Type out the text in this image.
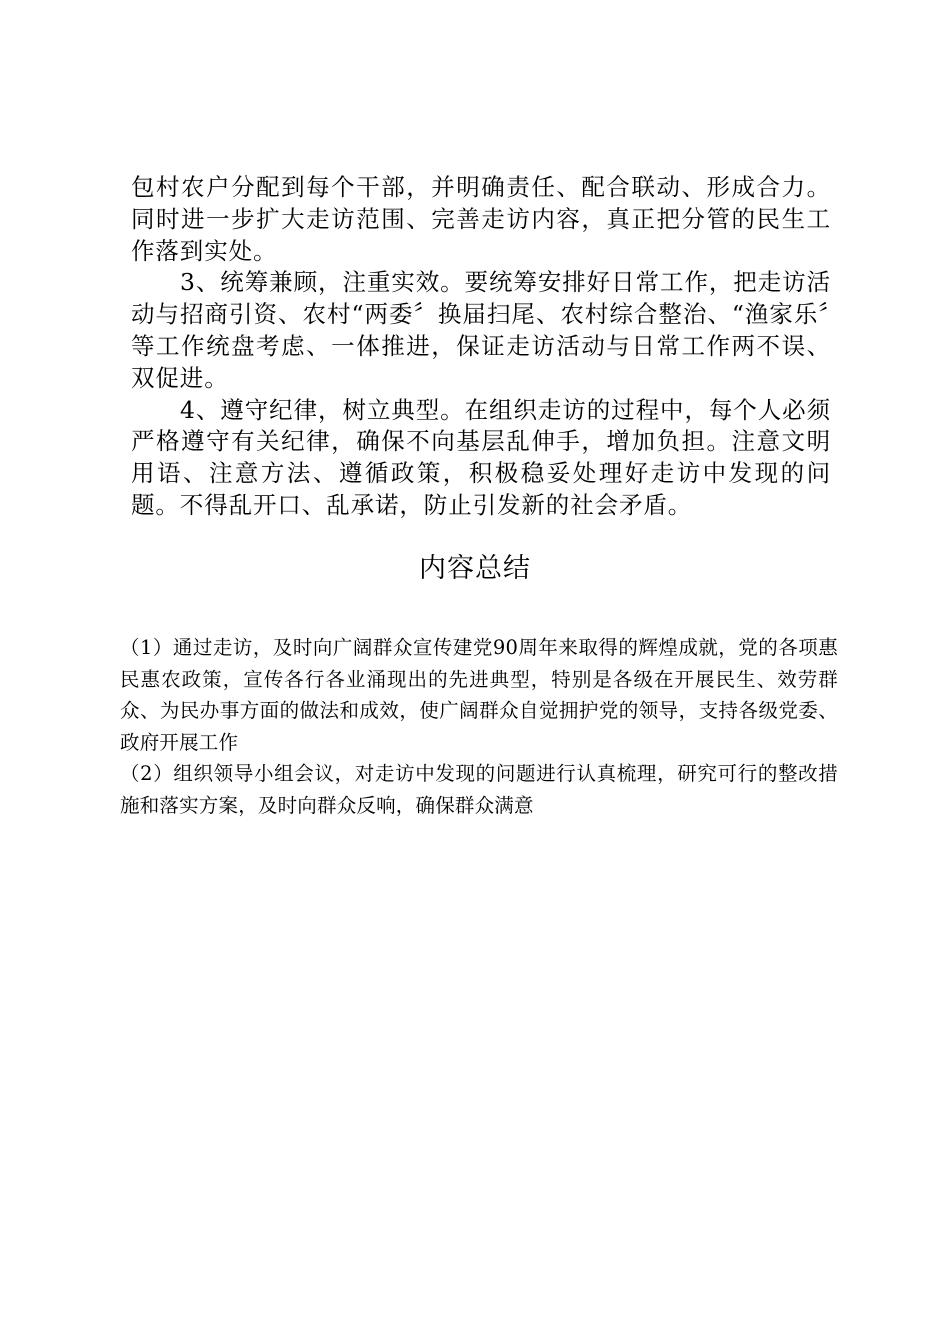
包村农户分配到每个干部，并明确责任、配合联动、形成合力。同时进一步扩大走访范围、完善走访内容，真正把分管的民生工作落到实处。

3、统筹兼顾，注重实效。要统筹安排好日常工作，把走访活动与招商引资、农村“两委〞换届扫尾、农村综合整治、“渔家乐〞等工作统盘考虑、一体推进，保证走访活动与日常工作两不误、双促进。

4、遵守纪律，树立典型。在组织走访的过程中，每个人必须严格遵守有关纪律，确保不向基层乱伸手，增加负担。注意文明用语、注意方法、遵循政策，积极稳妥处理好走访中发现的问题。不得乱开口、乱承诺，防止引发新的社会矛盾。

内容总结

（1）通过走访，及时向广阔群众宣传建党90周年来取得的辉煌成就，党的各项惠民惠农政策，宣传各行各业涌现出的先进典型，特别是各级在开展民生、效劳群众、为民办事方面的做法和成效，使广阔群众自觉拥护党的领导，支持各级党委、政府开展工作

（2）组织领导小组会议，对走访中发现的问题进行认真梳理，研究可行的整改措施和落实方案，及时向群众反响，确保群众满意
